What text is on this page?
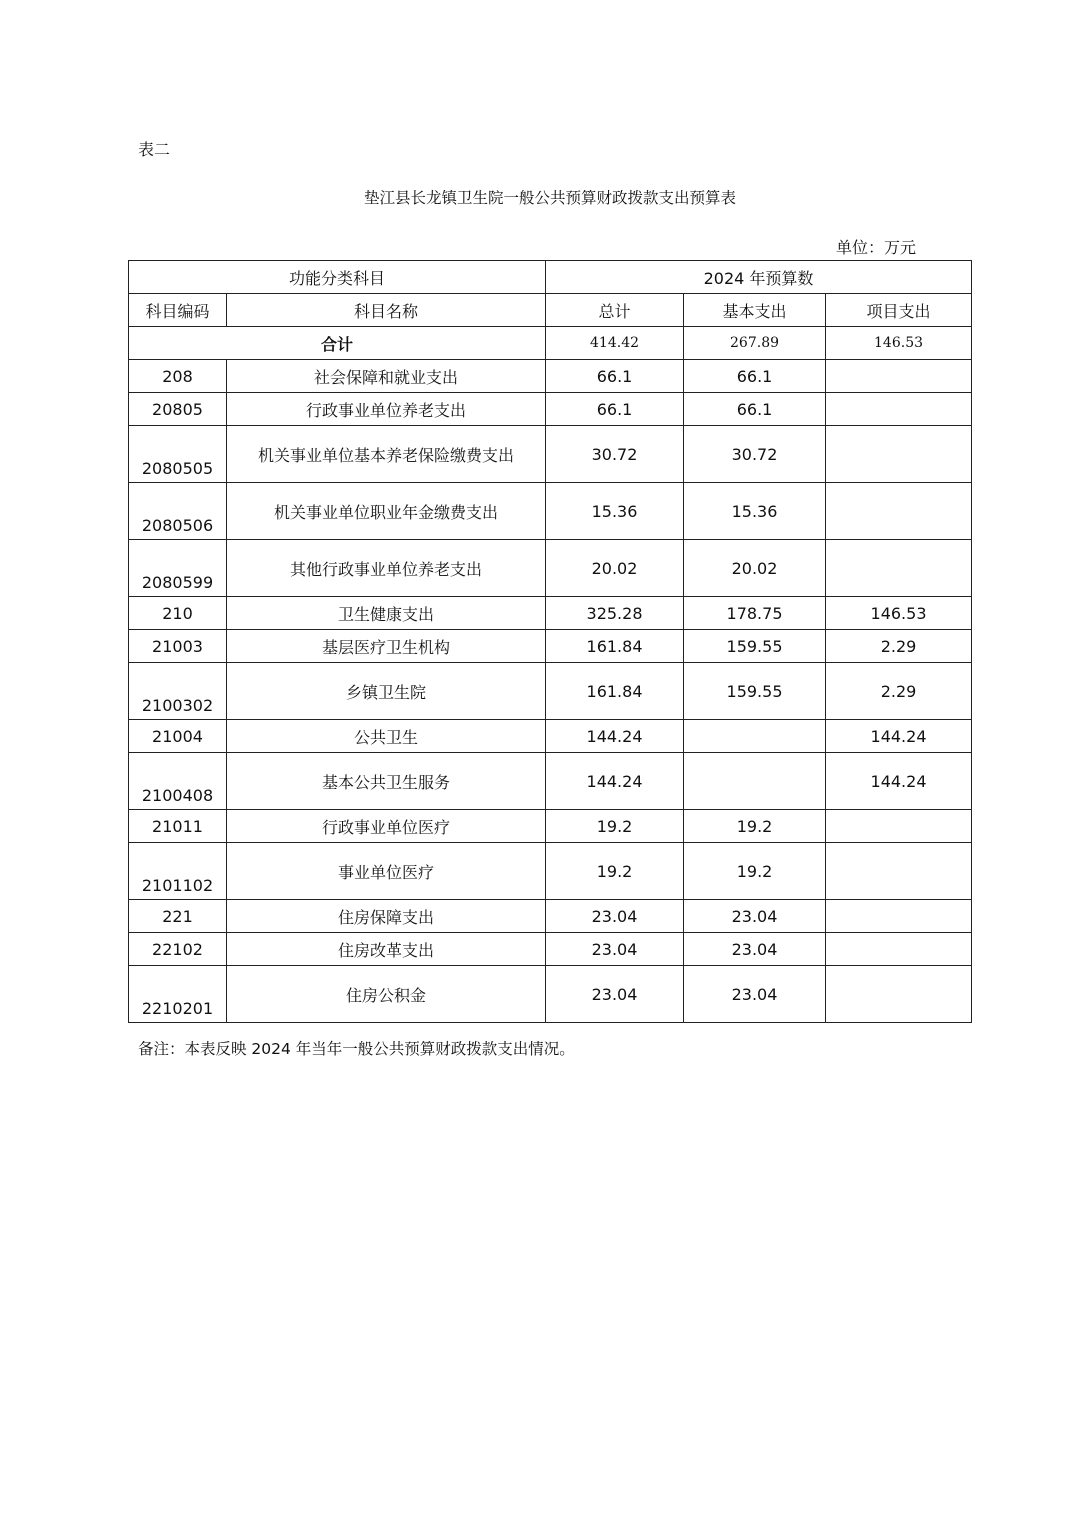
表二
垫江县长龙镇卫生院一般公共预算财政拨款支出预算表
单位：万元
功能分类科目		2024 年预算数		
科目编码	科目名称	总计	基本支出	项目支出
合计		414.42	267.89	146.53
208	社会保障和就业支出	66.1	66.1	
20805	行政事业单位养老支出	66.1	66.1	
2080505	机关事业单位基本养老保险缴费支出	30.72	30.72	
2080506	机关事业单位职业年金缴费支出	15.36	15.36	
2080599	其他行政事业单位养老支出	20.02	20.02	
210	卫生健康支出	325.28	178.75	146.53
21003	基层医疗卫生机构	161.84	159.55	2.29
2100302	乡镇卫生院	161.84	159.55	2.29
21004	公共卫生	144.24		144.24
2100408	基本公共卫生服务	144.24		144.24
21011	行政事业单位医疗	19.2	19.2	
2101102	事业单位医疗	19.2	19.2	
221	住房保障支出	23.04	23.04	
22102	住房改革支出	23.04	23.04	
2210201	住房公积金	23.04	23.04	
备注：本表反映 2024 年当年一般公共预算财政拨款支出情况。
